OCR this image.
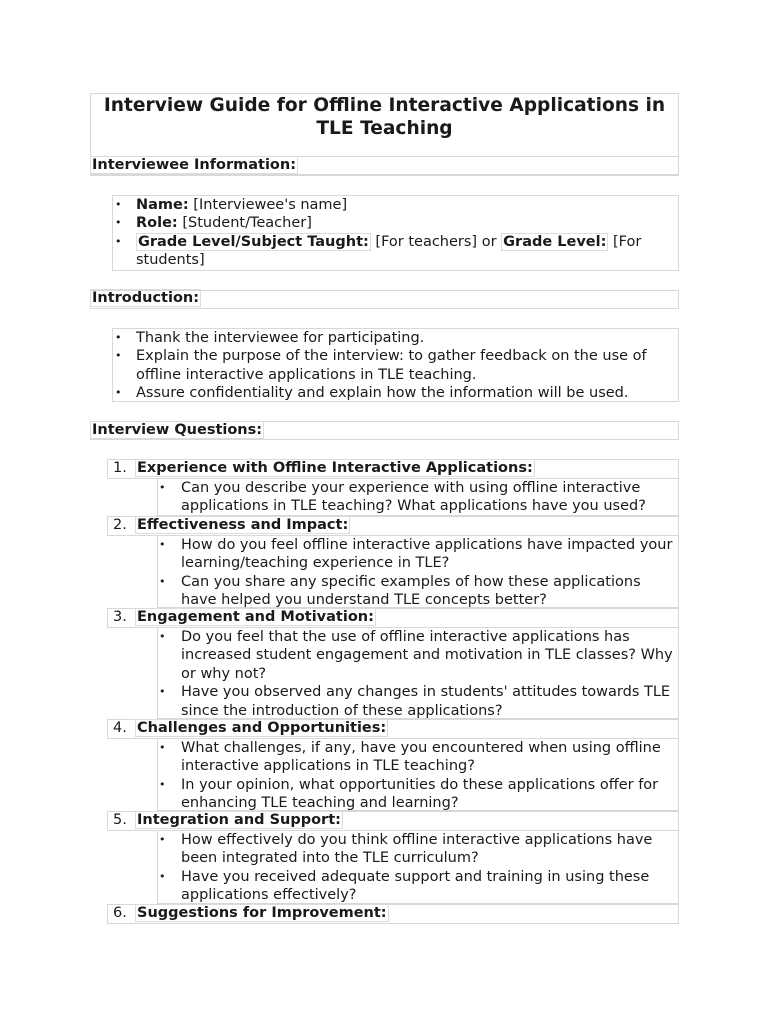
Interview Guide for Offline Interactive Applications in TLE Teaching

Interviewee Information:

• Name: [Interviewee's name]
• Role: [Student/Teacher]
• Grade Level/Subject Taught: [For teachers] or Grade Level: [For students]

Introduction:

• Thank the interviewee for participating.
• Explain the purpose of the interview: to gather feedback on the use of offline interactive applications in TLE teaching.
• Assure confidentiality and explain how the information will be used.

Interview Questions:

1. Experience with Offline Interactive Applications:

• Can you describe your experience with using offline interactive applications in TLE teaching? What applications have you used?

2. Effectiveness and Impact:

• How do you feel offline interactive applications have impacted your learning/teaching experience in TLE?
• Can you share any specific examples of how these applications have helped you understand TLE concepts better?

3. Engagement and Motivation:

• Do you feel that the use of offline interactive applications has increased student engagement and motivation in TLE classes? Why or why not?
• Have you observed any changes in students' attitudes towards TLE since the introduction of these applications?

4. Challenges and Opportunities:

• What challenges, if any, have you encountered when using offline interactive applications in TLE teaching?
• In your opinion, what opportunities do these applications offer for enhancing TLE teaching and learning?

5. Integration and Support:

• How effectively do you think offline interactive applications have been integrated into the TLE curriculum?
• Have you received adequate support and training in using these applications effectively?

6. Suggestions for Improvement:
